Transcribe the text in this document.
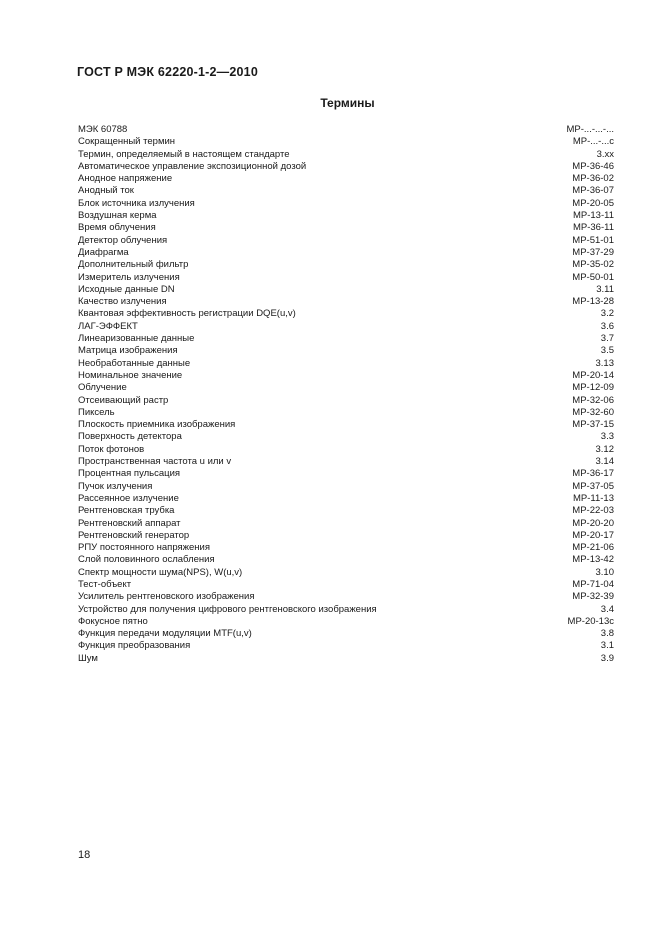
ГОСТ Р МЭК 62220-1-2—2010
Термины
МЭК 60788	МР-...-...-...
Сокращенный термин	МР-...-...с
Термин, определяемый в настоящем стандарте	3.хх
Автоматическое управление экспозиционной дозой	МР-36-46
Анодное напряжение	МР-36-02
Анодный ток	МР-36-07
Блок источника излучения	МР-20-05
Воздушная керма	МР-13-11
Время облучения	МР-36-11
Детектор облучения	МР-51-01
Диафрагма	МР-37-29
Дополнительный фильтр	МР-35-02
Измеритель излучения	МР-50-01
Исходные данные DN	3.11
Качество излучения	МР-13-28
Квантовая эффективность регистрации DQE(u,v)	3.2
ЛАГ-ЭФФЕКТ	3.6
Линеаризованные данные	3.7
Матрица изображения	3.5
Необработанные данные	3.13
Номинальное значение	МР-20-14
Облучение	МР-12-09
Отсеивающий растр	МР-32-06
Пиксель	МР-32-60
Плоскость приемника изображения	МР-37-15
Поверхность детектора	3.3
Поток фотонов	3.12
Пространственная частота u или v	3.14
Процентная пульсация	МР-36-17
Пучок излучения	МР-37-05
Рассеянное излучение	МР-11-13
Рентгеновская трубка	МР-22-03
Рентгеновский аппарат	МР-20-20
Рентгеновский генератор	МР-20-17
РПУ постоянного напряжения	МР-21-06
Слой половинного ослабления	МР-13-42
Спектр мощности шума(NPS), W(u,v)	3.10
Тест-объект	МР-71-04
Усилитель рентгеновского изображения	МР-32-39
Устройство для получения цифрового рентгеновского изображения	3.4
Фокусное пятно	МР-20-13с
Функция передачи модуляции MTF(u,v)	3.8
Функция преобразования	3.1
Шум	3.9
18
